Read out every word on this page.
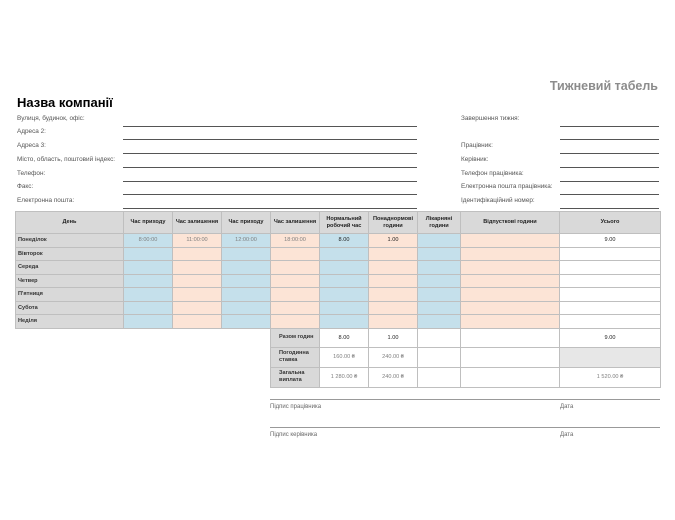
Тижневий табель
Назва компанії
Вулиця, будинок, офіс:
Адреса 2:
Адреса 3:
Місто, область, поштовий індекс:
Телефон:
Факс:
Електронна пошта:
Завершення тижня:
Працівник:
Керівник:
Телефон працівника:
Електронна пошта працівника:
Ідентифікаційний номер:
День	Час приходу	Час залишення	Час приходу	Час залишення	Нормальний робочий час	Понаднормові години	Лікарняні години	Відпусткові години	Усього
Понеділок	8:00:00	11:00:00	12:00:00	18:00:00	8.00	1.00			9.00
Вівторок									
Середа									
Четвер									
П'ятниця									
Субота									
Неділя									
				Разом годин	8.00	1.00			9.00
				Погодинна ставка	160.00 ₴	240.00 ₴			
				Загальна виплата	1 280.00 ₴	240.00 ₴			1 520.00 ₴
Підпис працівника	Дата
Підпис керівника	Дата
